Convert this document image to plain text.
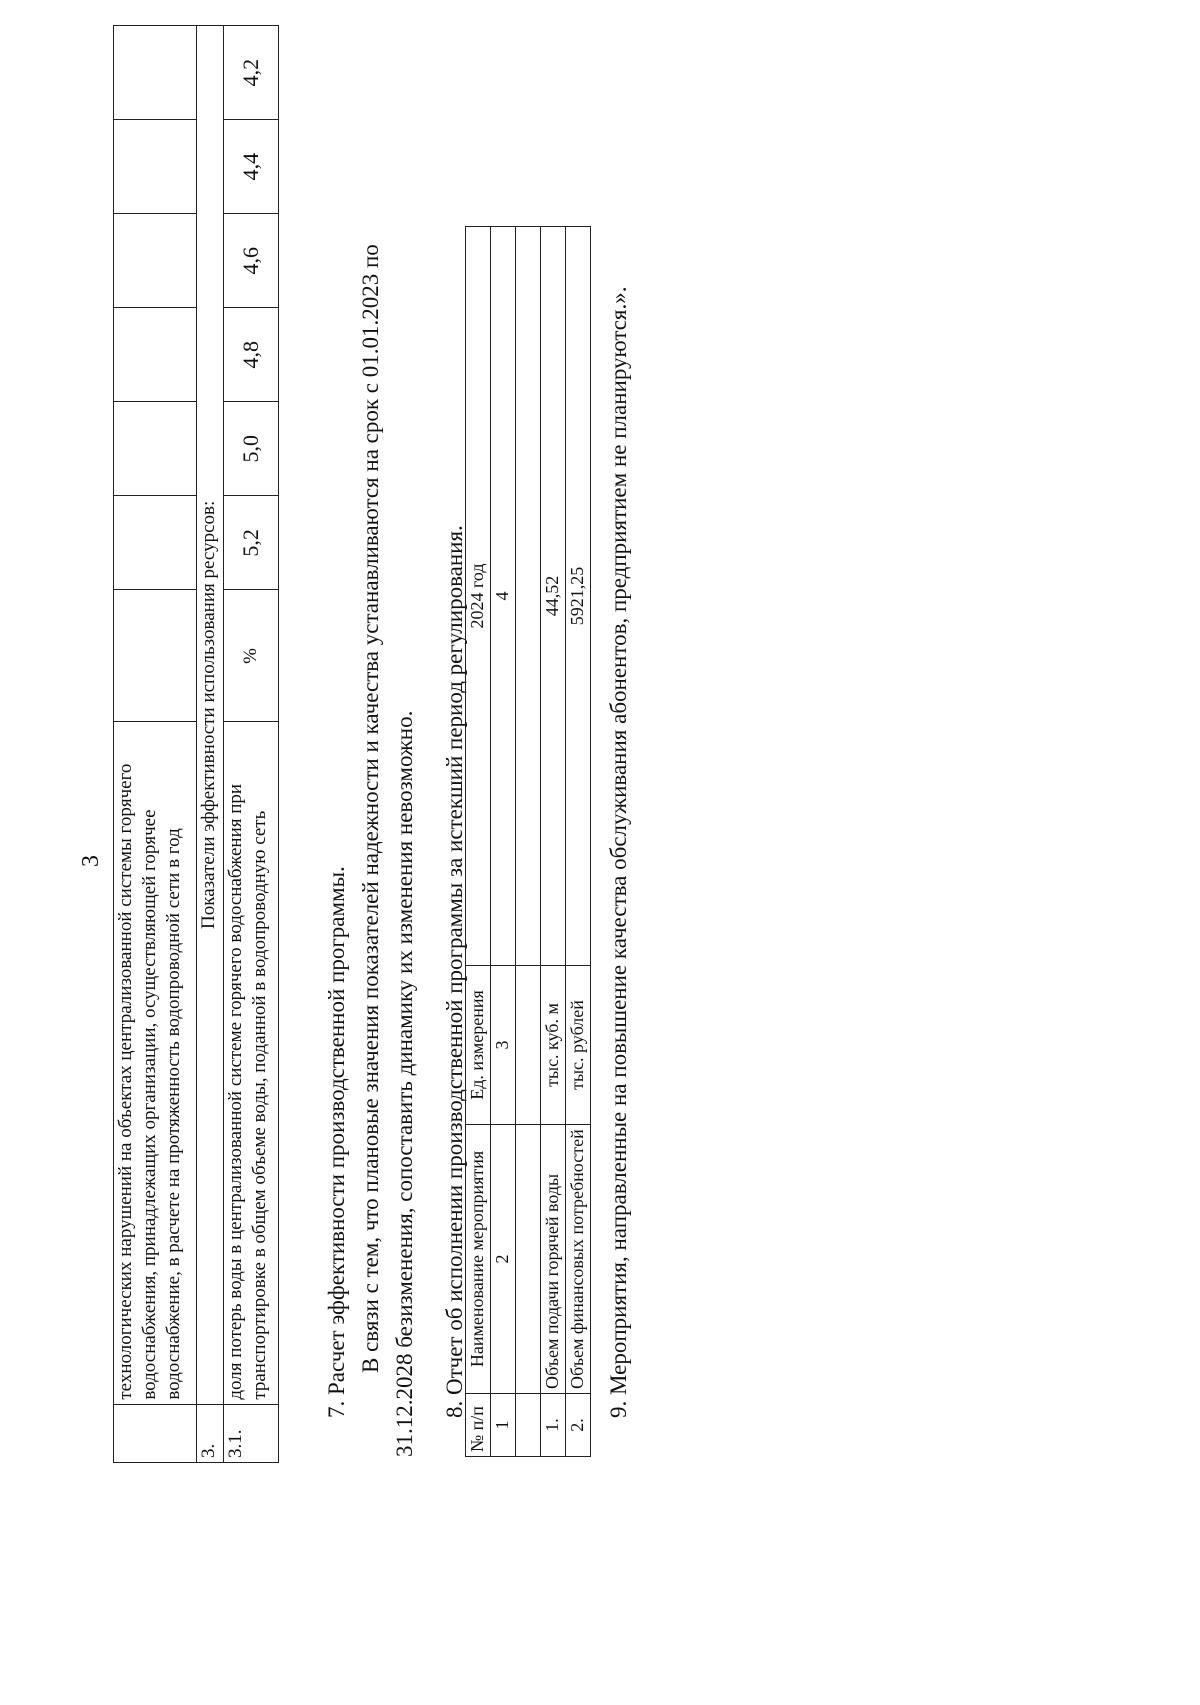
3
	технологических нарушений на объектах централизованной системы горячего водоснабжения, принадлежащих организации, осуществляющей горячее водоснабжение, в расчете на протяженность водопроводной сети в год							
3.	Показатели эффективности использования ресурсов:							
3.1.	доля потерь воды в централизованной системе горячего водоснабжения при транспортировке в общем объеме воды, поданной в водопроводную сеть	%	5,2	5,0	4,8	4,6	4,4	4,2

7. Расчет эффективности производственной программы. В связи с тем, что плановые значения показателей надежности и качества устанавливаются на срок с 01.01.2023 по 31.12.2028 безизменения, сопоставить динамику их изменения невозможно. 8. Отчет об исполнении производственной программы за истекший период регулирования.

№ п/п	Наименование мероприятия	Ед. измерения	2024 год
1	2	3	4

1.	Объем подачи горячей воды	тыс. куб. м	44,52
2.	Объем финансовых потребностей	тыс. рублей	5921,25 9. Мероприятия, направленные на повышение качества обслуживания абонентов, предприятием не планируются.».
